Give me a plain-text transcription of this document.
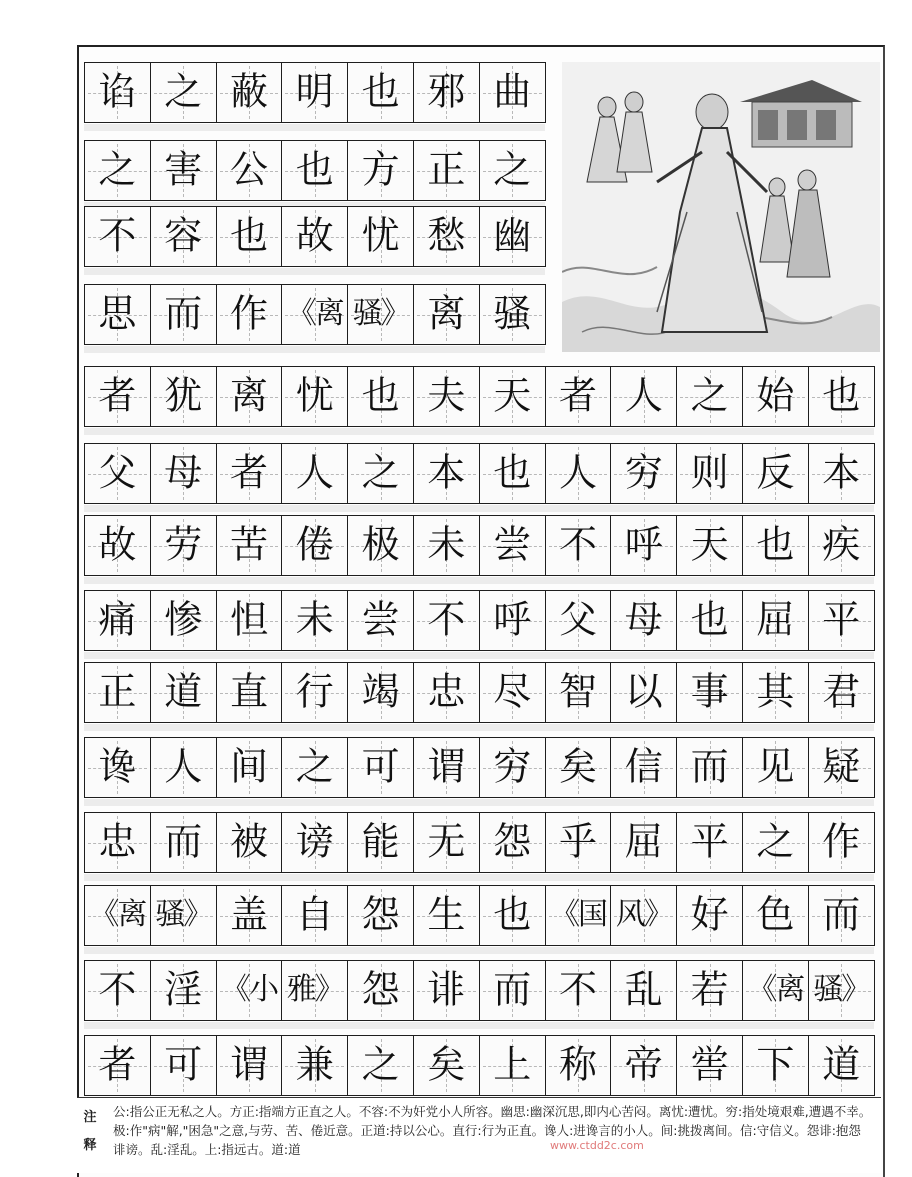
谄 之 蔽 明 也 邪 曲
之 害 公 也 方 正 之
不 容 也 故 忧 愁 幽
思 而 作 《离 骚》 离 骚
者 犹 离 忧 也 夫 天 者 人 之 始 也
父 母 者 人 之 本 也 人 穷 则 反 本
故 劳 苦 倦 极 未 尝 不 呼 天 也 疾
痛 惨 怛 未 尝 不 呼 父 母 也 屈 平
正 道 直 行 竭 忠 尽 智 以 事 其 君
谗 人 间 之 可 谓 穷 矣 信 而 见 疑
忠 而 被 谤 能 无 怨 乎 屈 平 之 作
《离 骚》 盖 自 怨 生 也 《国 风》 好 色 而
不 淫 《小 雅》 怨 诽 而 不 乱 若 《离 骚》
者 可 谓 兼 之 矣 上 称 帝 喾 下 道
注释
公:指公正无私之人。方正:指端方正直之人。不容:不为奸党小人所容。幽思:幽深沉思,即内心苦闷。离忧:遭忧。穷:指处境艰难,遭遇不幸。极:作"病"解,"困急"之意,与劳、苦、倦近意。正道:持以公心。直行:行为正直。谗人:进谗言的小人。间:挑拨离间。信:守信义。怨诽:抱怨诽谤。乱:淫乱。上:指远古。道:道	www.ctdd2c.com
